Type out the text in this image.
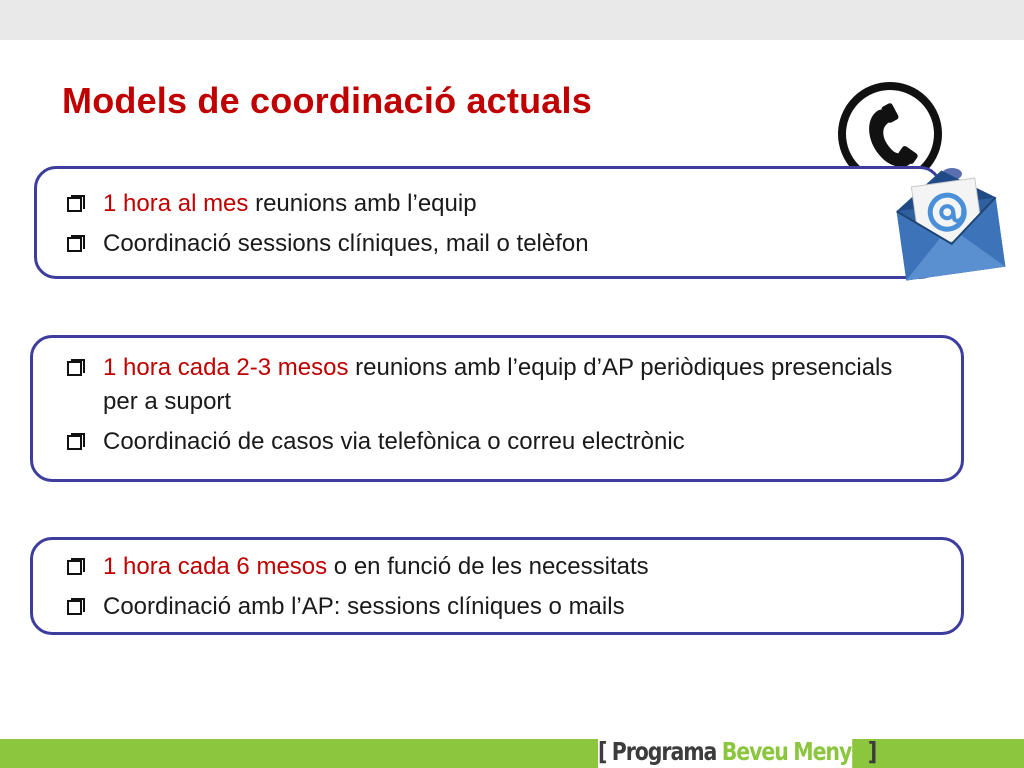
Models de coordinació actuals
1 hora al mes reunions amb l’equip
Coordinació sessions clíniques, mail o telèfon
1 hora cada 2-3 mesos reunions amb l’equip d’AP periòdiques presencials per a suport
Coordinació de casos via telefònica o correu electrònic
1 hora cada 6 mesos o en funció de les necessitats
Coordinació amb l’AP: sessions clíniques o mails
[ Programa Beveu Menys ]
